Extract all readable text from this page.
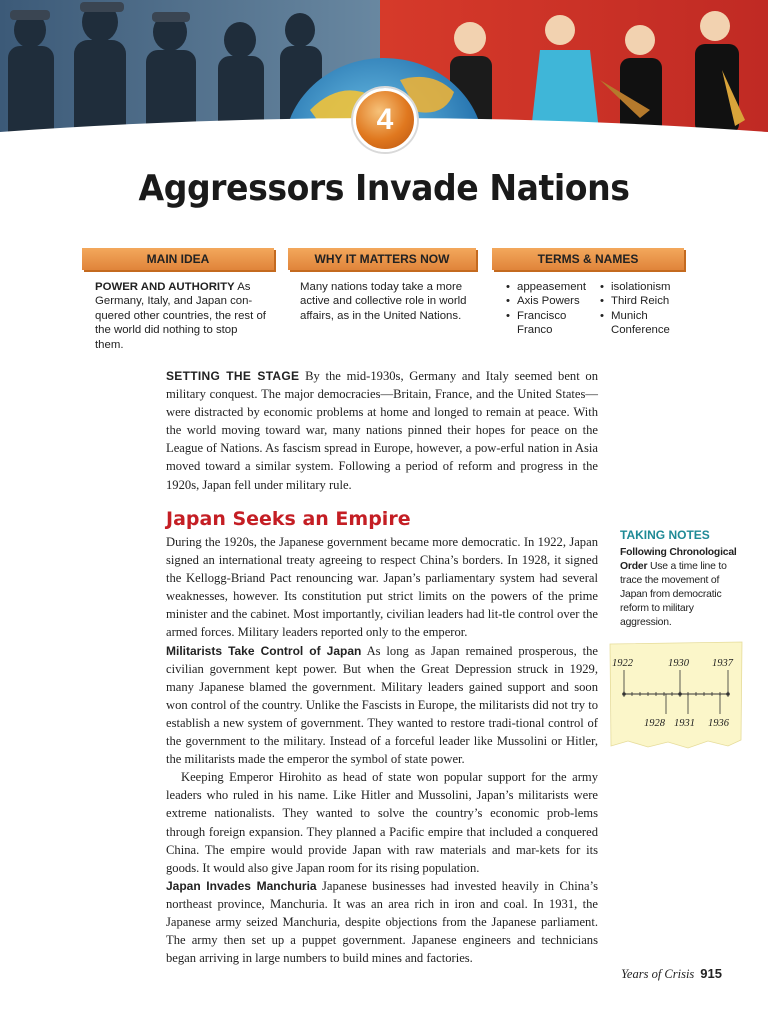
4
Aggressors Invade Nations
MAIN IDEA	WHY IT MATTERS NOW	TERMS & NAMES
POWER AND AUTHORITY As Germany, Italy, and Japan con-quered other countries, the rest of the world did nothing to stop them.
Many nations today take a more active and collective role in world affairs, as in the United Nations.
• appeasement
• Axis Powers
• Francisco Franco
• isolationism
• Third Reich
• Munich Conference

SETTING THE STAGE By the mid-1930s, Germany and Italy seemed bent on military conquest. The major democracies—Britain, France, and the United States—were distracted by economic problems at home and longed to remain at peace. With the world moving toward war, many nations pinned their hopes for peace on the League of Nations. As fascism spread in Europe, however, a pow-erful nation in Asia moved toward a similar system. Following a period of reform and progress in the 1920s, Japan fell under military rule.

Japan Seeks an Empire

During the 1920s, the Japanese government became more democratic. In 1922, Japan signed an international treaty agreeing to respect China’s borders. In 1928, it signed the Kellogg-Briand Pact renouncing war. Japan’s parliamentary system had several weaknesses, however. Its constitution put strict limits on the powers of the prime minister and the cabinet. Most importantly, civilian leaders had lit-tle control over the armed forces. Military leaders reported only to the emperor.

Militarists Take Control of Japan As long as Japan remained prosperous, the civilian government kept power. But when the Great Depression struck in 1929, many Japanese blamed the government. Military leaders gained support and soon won control of the country. Unlike the Fascists in Europe, the militarists did not try to establish a new system of government. They wanted to restore tradi-tional control of the government to the military. Instead of a forceful leader like Mussolini or Hitler, the militarists made the emperor the symbol of state power.

Keeping Emperor Hirohito as head of state won popular support for the army leaders who ruled in his name. Like Hitler and Mussolini, Japan’s militarists were extreme nationalists. They wanted to solve the country’s economic prob-lems through foreign expansion. They planned a Pacific empire that included a conquered China. The empire would provide Japan with raw materials and mar-kets for its goods. It would also give Japan room for its rising population.

Japan Invades Manchuria Japanese businesses had invested heavily in China’s northeast province, Manchuria. It was an area rich in iron and coal. In 1931, the Japanese army seized Manchuria, despite objections from the Japanese parliament. The army then set up a puppet government. Japanese engineers and technicians began arriving in large numbers to build mines and factories.

TAKING NOTES
Following Chronological Order Use a time line to trace the movement of Japan from democratic reform to military aggression.
1922	1930 1937
1928 1931 1936
Years of Crisis 915
